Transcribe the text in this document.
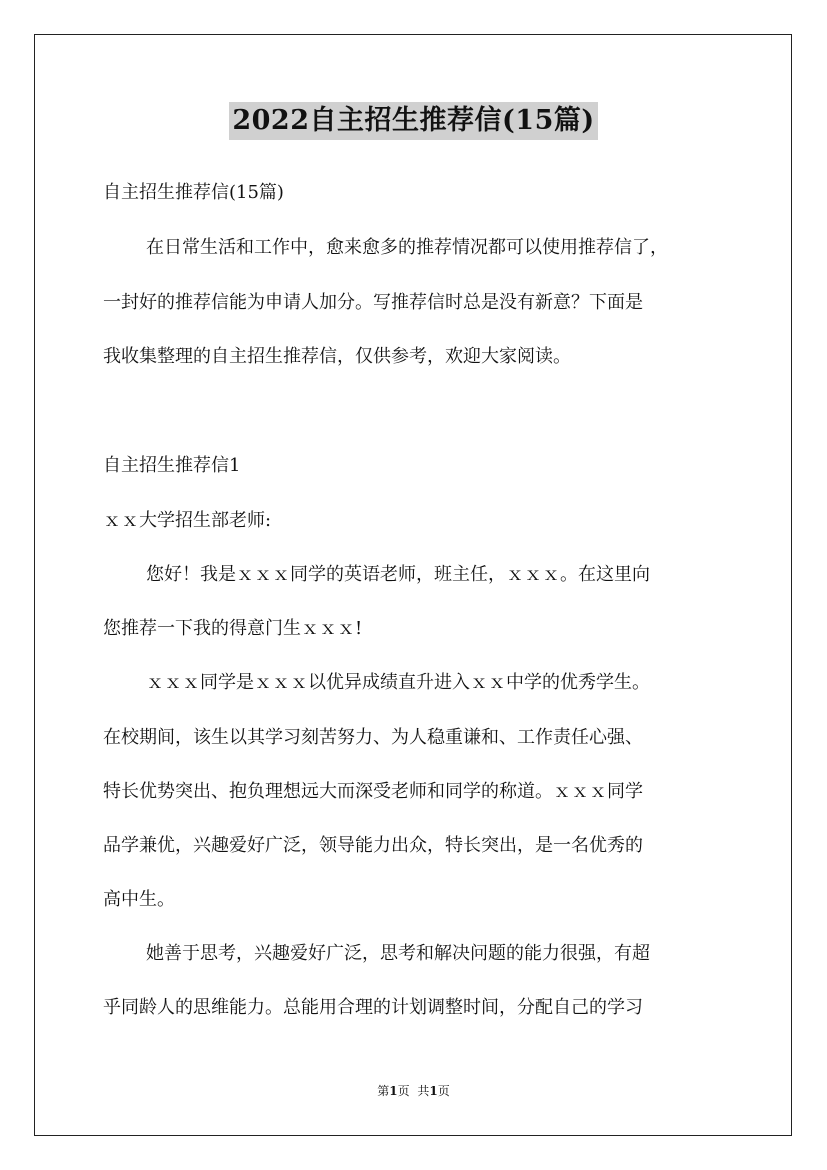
2022自主招生推荐信(15篇)
自主招生推荐信(15篇)
在日常生活和工作中，愈来愈多的推荐情况都可以使用推荐信了，
一封好的推荐信能为申请人加分。写推荐信时总是没有新意？下面是
我收集整理的自主招生推荐信，仅供参考，欢迎大家阅读。
自主招生推荐信1
ｘｘ大学招生部老师:
您好！我是ｘｘｘ同学的英语老师，班主任，ｘｘｘ。在这里向
您推荐一下我的得意门生ｘｘｘ!
ｘｘｘ同学是ｘｘｘ以优异成绩直升进入ｘｘ中学的优秀学生。
在校期间，该生以其学习刻苦努力、为人稳重谦和、工作责任心强、
特长优势突出、抱负理想远大而深受老师和同学的称道。ｘｘｘ同学
品学兼优，兴趣爱好广泛，领导能力出众，特长突出，是一名优秀的
高中生。
她善于思考，兴趣爱好广泛，思考和解决问题的能力很强，有超
乎同龄人的思维能力。总能用合理的计划调整时间，分配自己的学习
第1页 共1页
